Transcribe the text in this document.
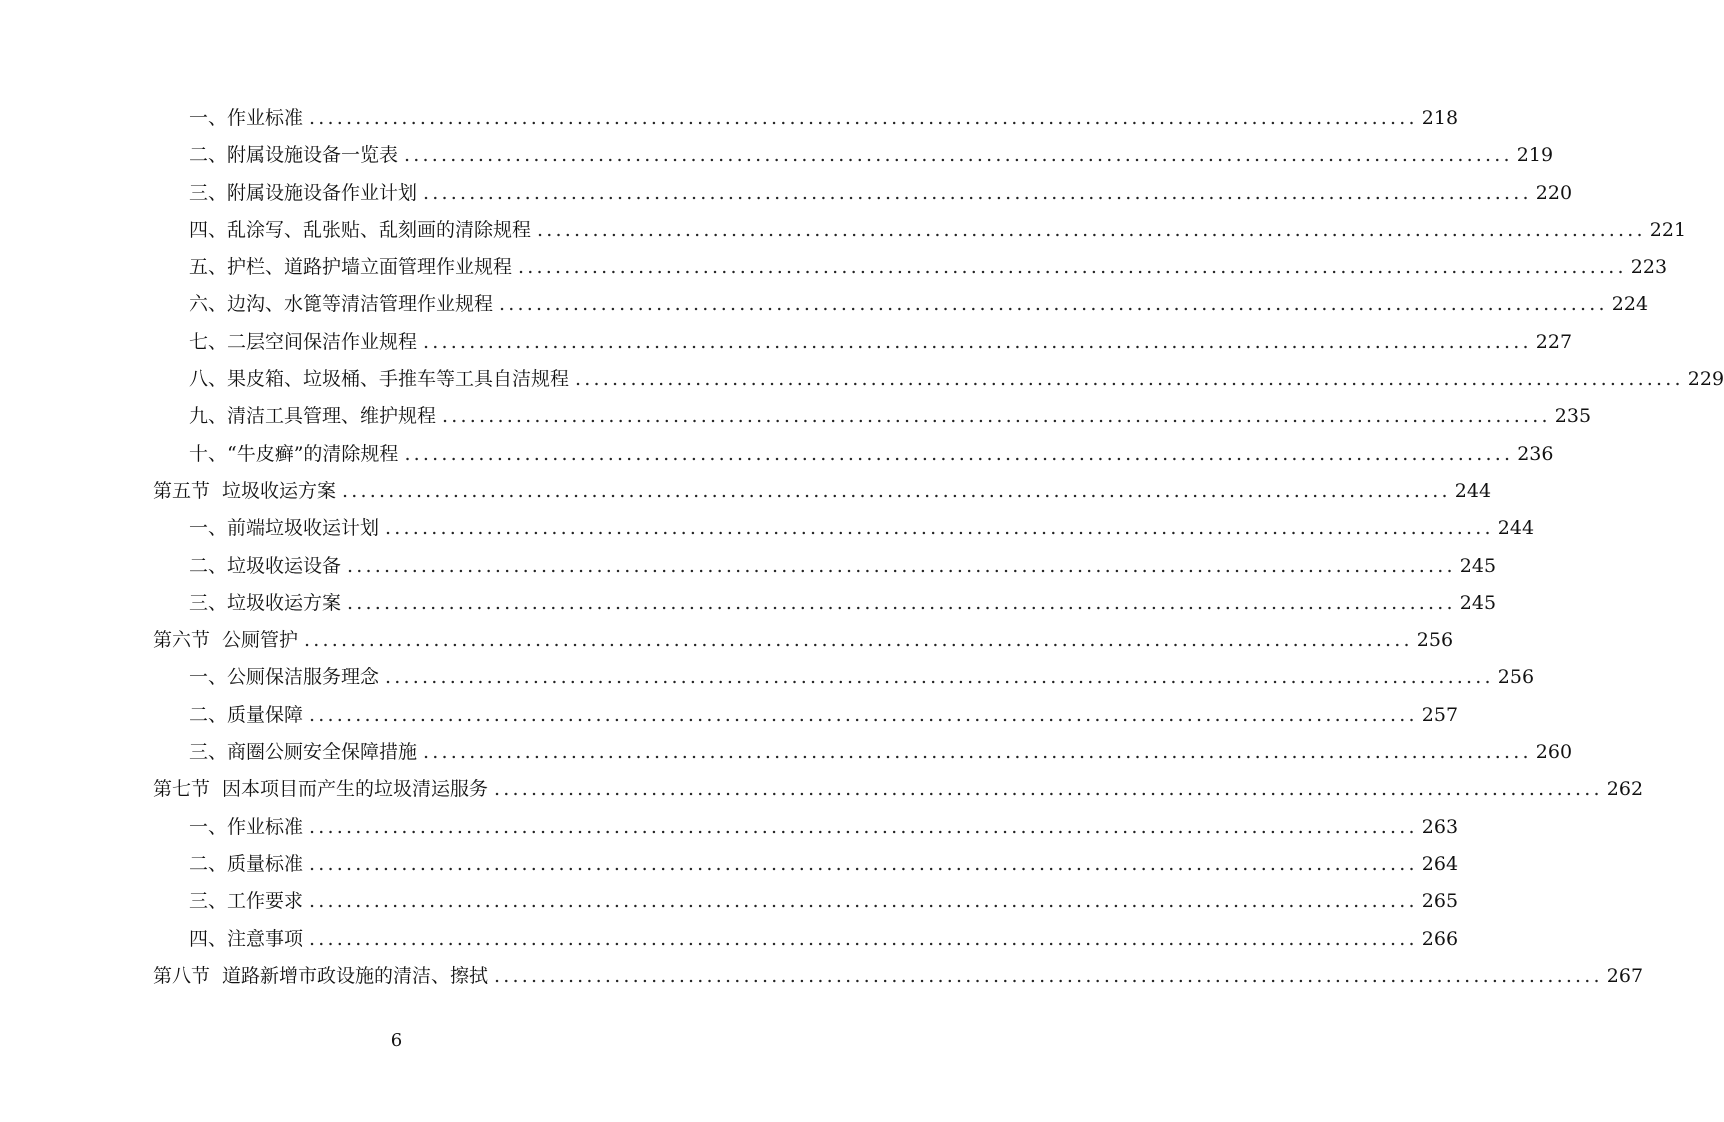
一、作业标准 ........................................................................................................................ 218
二、附属设施设备一览表 ........................................................................................................................ 219
三、附属设施设备作业计划 ........................................................................................................................ 220
四、乱涂写、乱张贴、乱刻画的清除规程 ........................................................................................................................ 221
五、护栏、道路护墙立面管理作业规程 ........................................................................................................................ 223
六、边沟、水篦等清洁管理作业规程 ........................................................................................................................ 224
七、二层空间保洁作业规程 ........................................................................................................................ 227
八、果皮箱、垃圾桶、手推车等工具自洁规程 ........................................................................................................................ 229
九、清洁工具管理、维护规程 ........................................................................................................................ 235
十、“牛皮癣”的清除规程 ........................................................................................................................ 236
第五节 垃圾收运方案 ........................................................................................................................ 244
一、前端垃圾收运计划 ........................................................................................................................ 244
二、垃圾收运设备 ........................................................................................................................ 245
三、垃圾收运方案 ........................................................................................................................ 245
第六节 公厕管护 ........................................................................................................................ 256
一、公厕保洁服务理念 ........................................................................................................................ 256
二、质量保障 ........................................................................................................................ 257
三、商圈公厕安全保障措施 ........................................................................................................................ 260
第七节 因本项目而产生的垃圾清运服务 ........................................................................................................................ 262
一、作业标准 ........................................................................................................................ 263
二、质量标准 ........................................................................................................................ 264
三、工作要求 ........................................................................................................................ 265
四、注意事项 ........................................................................................................................ 266
第八节 道路新增市政设施的清洁、擦拭 ........................................................................................................................ 267
6
